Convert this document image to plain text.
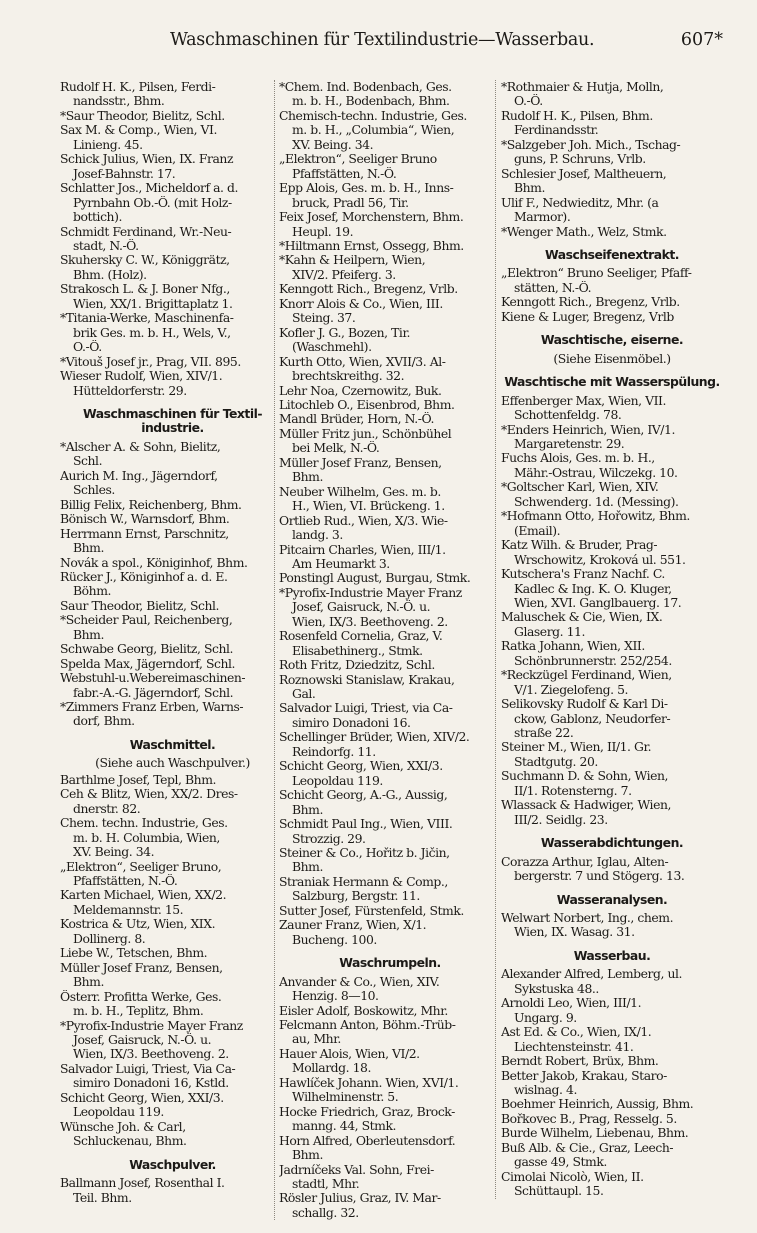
Waschmaschinen für Textilindustrie—Wasserbau.	607*
Rudolf H. K., Pilsen, Ferdi-
nandsstr., Bhm.
*Saur Theodor, Bielitz, Schl.
Sax M. & Comp., Wien, VI.
Linieng. 45.
Schick Julius, Wien, IX. Franz
Josef-Bahnstr. 17.
Schlatter Jos., Micheldorf a. d.
Pyrnbahn Ob.-Ö. (mit Holz-
bottich).
Schmidt Ferdinand, Wr.-Neu-
stadt, N.-Ö.
Skuhersky C. W., Königgrätz,
Bhm. (Holz).
Strakosch L. & J. Boner Nfg.,
Wien, XX/1. Brigittaplatz 1.
*Titania-Werke, Maschinenfa-
brik Ges. m. b. H., Wels, V.,
O.-Ö.
*Vitouš Josef jr., Prag, VII. 895.
Wieser Rudolf, Wien, XIV/1.
Hütteldorferstr. 29.
Waschmaschinen für Textil-
industrie.
*Alscher A. & Sohn, Bielitz,
Schl.
Aurich M. Ing., Jägerndorf,
Schles.
Billig Felix, Reichenberg, Bhm.
Bönisch W., Warnsdorf, Bhm.
Herrmann Ernst, Parschnitz,
Bhm.
Novák a spol., Königinhof, Bhm.
Rücker J., Königinhof a. d. E.
Böhm.
Saur Theodor, Bielitz, Schl.
*Scheider Paul, Reichenberg,
Bhm.
Schwabe Georg, Bielitz, Schl.
Spelda Max, Jägerndorf, Schl.
Webstuhl-u.Webereimaschinen-
fabr.-A.-G. Jägerndorf, Schl.
*Zimmers Franz Erben, Warns-
dorf, Bhm.
Waschmittel.
(Siehe auch Waschpulver.)
Barthlme Josef, Tepl, Bhm.
Ceh & Blitz, Wien, XX/2. Dres-
dnerstr. 82.
Chem. techn. Industrie, Ges.
m. b. H. Columbia, Wien,
XV. Being. 34.
„Elektron“, Seeliger Bruno,
Pfaffstätten, N.-Ö.
Karten Michael, Wien, XX/2.
Meldemannstr. 15.
Kostrica & Utz, Wien, XIX.
Dollinerg. 8.
Liebe W., Tetschen, Bhm.
Müller Josef Franz, Bensen,
Bhm.
Österr. Profitta Werke, Ges.
m. b. H., Teplitz, Bhm.
*Pyrofix-Industrie Mayer Franz
Josef, Gaisruck, N.-Ö. u.
Wien, IX/3. Beethoveng. 2.
Salvador Luigi, Triest, Via Ca-
simiro Donadoni 16, Kstld.
Schicht Georg, Wien, XXI/3.
Leopoldau 119.
Wünsche Joh. & Carl,
Schluckenau, Bhm.
Waschpulver.
Ballmann Josef, Rosenthal I.
Teil. Bhm.
*Chem. Ind. Bodenbach, Ges.
m. b. H., Bodenbach, Bhm.
Chemisch-techn. Industrie, Ges.
m. b. H., „Columbia“, Wien,
XV. Being. 34.
„Elektron“, Seeliger Bruno
Pfaffstätten, N.-Ö.
Epp Alois, Ges. m. b. H., Inns-
bruck, Pradl 56, Tir.
Feix Josef, Morchenstern, Bhm.
Heupl. 19.
*Hiltmann Ernst, Ossegg, Bhm.
*Kahn & Heilpern, Wien,
XIV/2. Pfeiferg. 3.
Kenngott Rich., Bregenz, Vrlb.
Knorr Alois & Co., Wien, III.
Steing. 37.
Kofler J. G., Bozen, Tir.
(Waschmehl).
Kurth Otto, Wien, XVII/3. Al-
brechtskreithg. 32.
Lehr Noa, Czernowitz, Buk.
Litochleb O., Eisenbrod, Bhm.
Mandl Brüder, Horn, N.-Ö.
Müller Fritz jun., Schönbühel
bei Melk, N.-Ö.
Müller Josef Franz, Bensen,
Bhm.
Neuber Wilhelm, Ges. m. b.
H., Wien, VI. Brückeng. 1.
Ortlieb Rud., Wien, X/3. Wie-
landg. 3.
Pitcairn Charles, Wien, III/1.
Am Heumarkt 3.
Ponstingl August, Burgau, Stmk.
*Pyrofix-Industrie Mayer Franz
Josef, Gaisruck, N.-Ö. u.
Wien, IX/3. Beethoveng. 2.
Rosenfeld Cornelia, Graz, V.
Elisabethinerg., Stmk.
Roth Fritz, Dziedzitz, Schl.
Roznowski Stanislaw, Krakau,
Gal.
Salvador Luigi, Triest, via Ca-
simiro Donadoni 16.
Schellinger Brüder, Wien, XIV/2.
Reindorfg. 11.
Schicht Georg, Wien, XXI/3.
Leopoldau 119.
Schicht Georg, A.-G., Aussig,
Bhm.
Schmidt Paul Ing., Wien, VIII.
Strozzig. 29.
Steiner & Co., Hořitz b. Jičin,
Bhm.
Straniak Hermann & Comp.,
Salzburg, Bergstr. 11.
Sutter Josef, Fürstenfeld, Stmk.
Zauner Franz, Wien, X/1.
Bucheng. 100.
Waschrumpeln.
Anvander & Co., Wien, XIV.
Henzig. 8—10.
Eisler Adolf, Boskowitz, Mhr.
Felcmann Anton, Böhm.-Trüb-
au, Mhr.
Hauer Alois, Wien, VI/2.
Mollardg. 18.
Hawlíček Johann. Wien, XVI/1.
Wilhelminenstr. 5.
Hocke Friedrich, Graz, Brock-
manng. 44, Stmk.
Horn Alfred, Oberleutensdorf.
Bhm.
Jadrníčeks Val. Sohn, Frei-
stadtl, Mhr.
Rösler Julius, Graz, IV. Mar-
schallg. 32.
*Rothmaier & Hutja, Molln,
O.-Ö.
Rudolf H. K., Pilsen, Bhm.
Ferdinandsstr.
*Salzgeber Joh. Mich., Tschag-
guns, P. Schruns, Vrlb.
Schlesier Josef, Maltheuern,
Bhm.
Ulif F., Nedwieditz, Mhr. (a
Marmor).
*Wenger Math., Welz, Stmk.
Waschseifenextrakt.
„Elektron“ Bruno Seeliger, Pfaff-
stätten, N.-Ö.
Kenngott Rich., Bregenz, Vrlb.
Kiene & Luger, Bregenz, Vrlb
Waschtische, eiserne.
(Siehe Eisenmöbel.)
Waschtische mit Wasserspülung.
Effenberger Max, Wien, VII.
Schottenfeldg. 78.
*Enders Heinrich, Wien, IV/1.
Margaretenstr. 29.
Fuchs Alois, Ges. m. b. H.,
Mähr.-Ostrau, Wilczekg. 10.
*Goltscher Karl, Wien, XIV.
Schwenderg. 1d. (Messing).
*Hofmann Otto, Hořowitz, Bhm.
(Email).
Katz Wilh. & Bruder, Prag-
Wrschowitz, Kroková ul. 551.
Kutschera's Franz Nachf. C.
Kadlec & Ing. K. O. Kluger,
Wien, XVI. Ganglbauerg. 17.
Maluschek & Cie, Wien, IX.
Glaserg. 11.
Ratka Johann, Wien, XII.
Schönbrunnerstr. 252/254.
*Reckzügel Ferdinand, Wien,
V/1. Ziegelofeng. 5.
Selikovsky Rudolf & Karl Di-
ckow, Gablonz, Neudorfer-
straße 22.
Steiner M., Wien, II/1. Gr.
Stadtgutg. 20.
Suchmann D. & Sohn, Wien,
II/1. Rotensterng. 7.
Wlassack & Hadwiger, Wien,
III/2. Seidlg. 23.
Wasserabdichtungen.
Corazza Arthur, Iglau, Alten-
bergerstr. 7 und Stögerg. 13.
Wasseranalysen.
Welwart Norbert, Ing., chem.
Wien, IX. Wasag. 31.
Wasserbau.
Alexander Alfred, Lemberg, ul.
Sykstuska 48..
Arnoldi Leo, Wien, III/1.
Ungarg. 9.
Ast Ed. & Co., Wien, IX/1.
Liechtensteinstr. 41.
Berndt Robert, Brüx, Bhm.
Better Jakob, Krakau, Staro-
wislnag. 4.
Boehmer Heinrich, Aussig, Bhm.
Bořkovec B., Prag, Resselg. 5.
Burde Wilhelm, Liebenau, Bhm.
Buß Alb. & Cie., Graz, Leech-
gasse 49, Stmk.
Cimolai Nicolò, Wien, II.
Schüttaupl. 15.
